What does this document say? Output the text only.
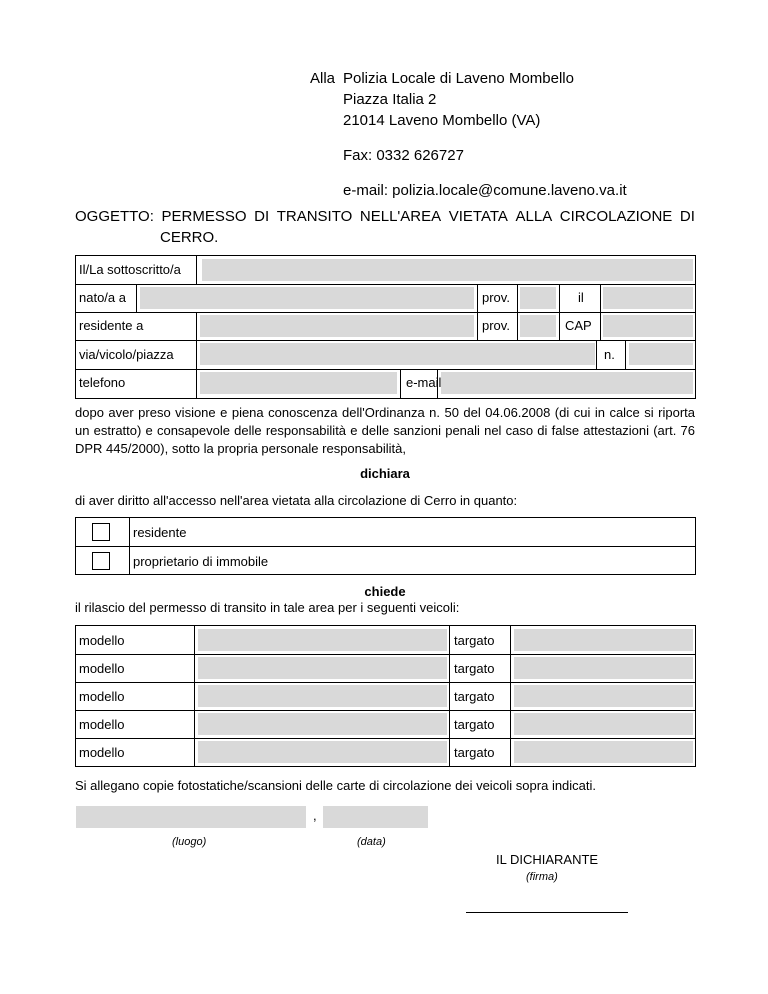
Alla Polizia Locale di Laveno Mombello
Piazza Italia 2
21014 Laveno Mombello (VA)
Fax: 0332 626727
e-mail: polizia.locale@comune.laveno.va.it
OGGETTO: PERMESSO DI TRANSITO NELL'AREA VIETATA ALLA CIRCOLAZIONE DI
CERRO.
Il/La sottoscritto/a
nato/a a	prov.	il
residente a	prov.	CAP
via/vicolo/piazza	n.
telefono	e-mail
dopo aver preso visione e piena conoscenza dell'Ordinanza n. 50 del 04.06.2008 (di cui in calce si riporta un estratto) e consapevole delle responsabilità e delle sanzioni penali nel caso di false attestazioni (art. 76 DPR 445/2000), sotto la propria personale responsabilità,
dichiara
di aver diritto all'accesso nell'area vietata alla circolazione di Cerro in quanto:
residente
proprietario di immobile
chiede
il rilascio del permesso di transito in tale area per i seguenti veicoli:
modello	targato
modello	targato
modello	targato
modello	targato
modello	targato
Si allegano copie fotostatiche/scansioni delle carte di circolazione dei veicoli sopra indicati.
,
(luogo)	(data)
IL DICHIARANTE
(firma)
